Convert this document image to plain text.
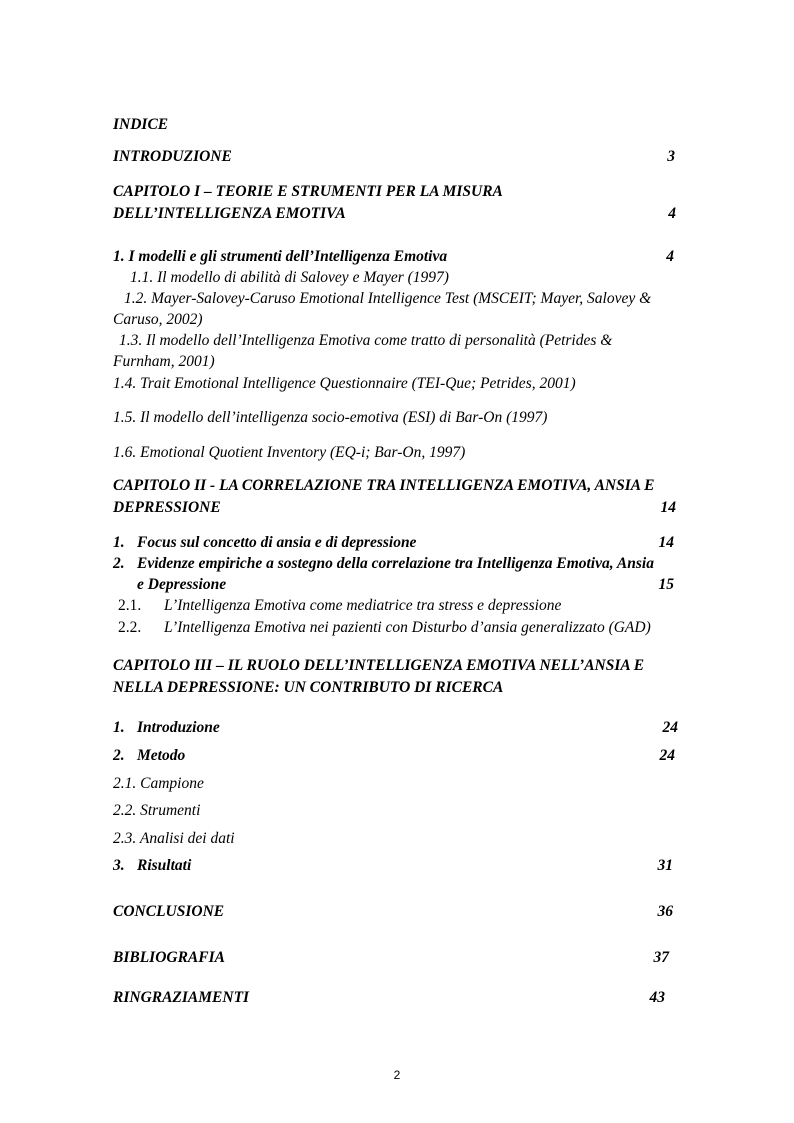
INDICE
INTRODUZIONE	3
CAPITOLO I – TEORIE E STRUMENTI PER LA MISURA
DELL’INTELLIGENZA EMOTIVA	4
1. I modelli e gli strumenti dell’Intelligenza Emotiva	4
1.1. Il modello di abilità di Salovey e Mayer (1997)
1.2. Mayer-Salovey-Caruso Emotional Intelligence Test (MSCEIT; Mayer, Salovey &
Caruso, 2002)
1.3. Il modello dell’Intelligenza Emotiva come tratto di personalità (Petrides &
Furnham, 2001)
1.4. Trait Emotional Intelligence Questionnaire (TEI-Que; Petrides, 2001)
1.5. Il modello dell’intelligenza socio-emotiva (ESI) di Bar-On (1997)
1.6. Emotional Quotient Inventory (EQ-i; Bar-On, 1997)
CAPITOLO II - LA CORRELAZIONE TRA INTELLIGENZA EMOTIVA, ANSIA E
DEPRESSIONE	14
1. Focus sul concetto di ansia e di depressione	14
2. Evidenze empiriche a sostegno della correlazione tra Intelligenza Emotiva, Ansia
e Depressione	15
2.1. L’Intelligenza Emotiva come mediatrice tra stress e depressione
2.2. L’Intelligenza Emotiva nei pazienti con Disturbo d’ansia generalizzato (GAD)
CAPITOLO III – IL RUOLO DELL’INTELLIGENZA EMOTIVA NELL’ANSIA E
NELLA DEPRESSIONE: UN CONTRIBUTO DI RICERCA
1. Introduzione	24
2. Metodo	24
2.1. Campione
2.2. Strumenti
2.3. Analisi dei dati
3. Risultati	31
CONCLUSIONE	36
BIBLIOGRAFIA	37
RINGRAZIAMENTI	43
2
